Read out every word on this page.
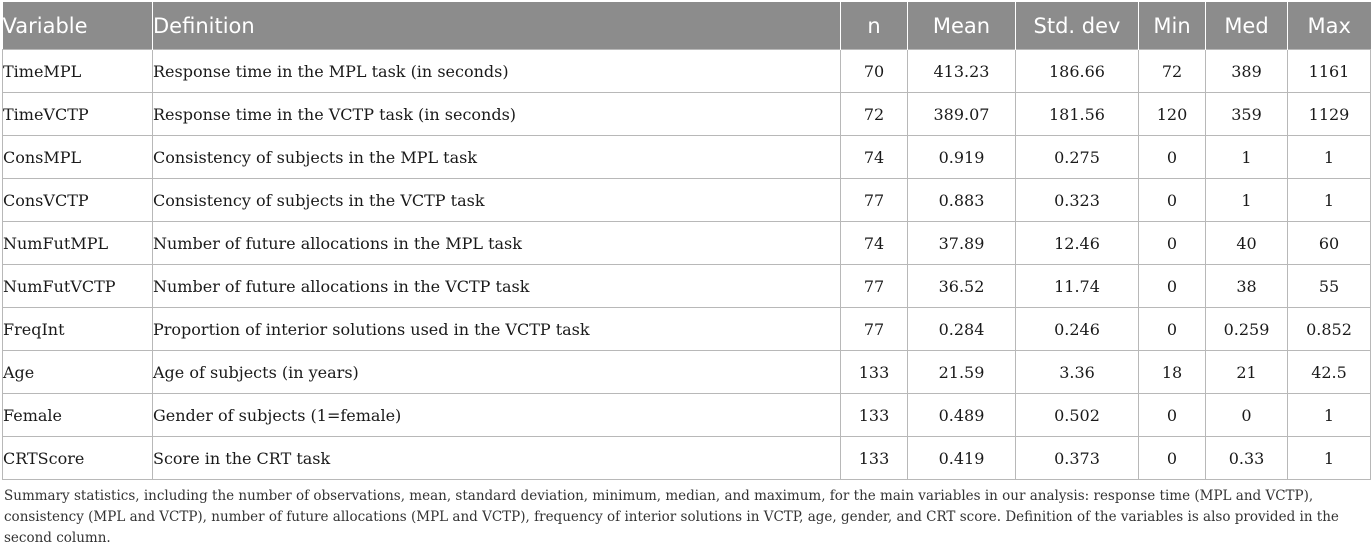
Variable	Definition	n	Mean	Std. dev	Min	Med	Max
TimeMPL	Response time in the MPL task (in seconds)	70	413.23	186.66	72	389	1161
TimeVCTP	Response time in the VCTP task (in seconds)	72	389.07	181.56	120	359	1129
ConsMPL	Consistency of subjects in the MPL task	74	0.919	0.275	0	1	1
ConsVCTP	Consistency of subjects in the VCTP task	77	0.883	0.323	0	1	1
NumFutMPL	Number of future allocations in the MPL task	74	37.89	12.46	0	40	60
NumFutVCTP	Number of future allocations in the VCTP task	77	36.52	11.74	0	38	55
FreqInt	Proportion of interior solutions used in the VCTP task	77	0.284	0.246	0	0.259	0.852
Age	Age of subjects (in years)	133	21.59	3.36	18	21	42.5
Female	Gender of subjects (1=female)	133	0.489	0.502	0	0	1
CRTScore	Score in the CRT task	133	0.419	0.373	0	0.33	1
Summary statistics, including the number of observations, mean, standard deviation, minimum, median, and maximum, for the main variables in our analysis: response time (MPL and VCTP), consistency (MPL and VCTP), number of future allocations (MPL and VCTP), frequency of interior solutions in VCTP, age, gender, and CRT score. Definition of the variables is also provided in the second column.
